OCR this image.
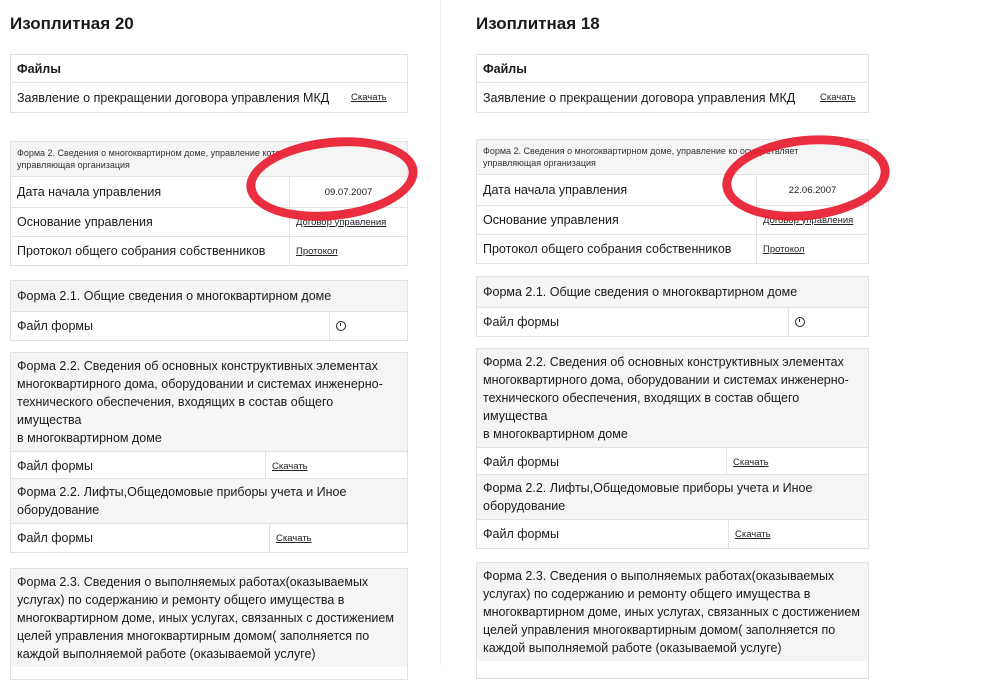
Изоплитная 20
Файлы
Заявление о прекращении договора управления МКД	Скачать
Форма 2. Сведения о многоквартирном доме, управление кото
управляющая организация
Дата начала управления	09.07.2007
Основание управления	Договор управления
Протокол общего собрания собственников	Протокол
Форма 2.1. Общие сведения о многоквартирном доме
Файл формы
Форма 2.2. Сведения об основных конструктивных элементах
многоквартирного дома, оборудовании и системах инженерно-
технического обеспечения, входящих в состав общего имущества
в многоквартирном доме
Файл формы	Скачать
Форма 2.2. Лифты,Общедомовые приборы учета и Иное
оборудование
Файл формы	Скачать
Форма 2.3. Сведения о выполняемых работах(оказываемых
услугах) по содержанию и ремонту общего имущества в
многоквартирном доме, иных услугах, связанных с достижением
целей управления многоквартирным домом( заполняется по
каждой выполняемой работе (оказываемой услуге)
Изоплитная 18
Файлы
Заявление о прекращении договора управления МКД	Скачать
Форма 2. Сведения о многоквартирном доме, управление ко осуществляет
управляющая организация
Дата начала управления	22.06.2007
Основание управления	Договор управления
Протокол общего собрания собственников	Протокол
Форма 2.1. Общие сведения о многоквартирном доме
Файл формы
Форма 2.2. Сведения об основных конструктивных элементах
многоквартирного дома, оборудовании и системах инженерно-
технического обеспечения, входящих в состав общего имущества
в многоквартирном доме
Файл формы	Скачать
Форма 2.2. Лифты,Общедомовые приборы учета и Иное
оборудование
Файл формы	Скачать
Форма 2.3. Сведения о выполняемых работах(оказываемых
услугах) по содержанию и ремонту общего имущества в
многоквартирном доме, иных услугах, связанных с достижением
целей управления многоквартирным домом( заполняется по
каждой выполняемой работе (оказываемой услуге)
